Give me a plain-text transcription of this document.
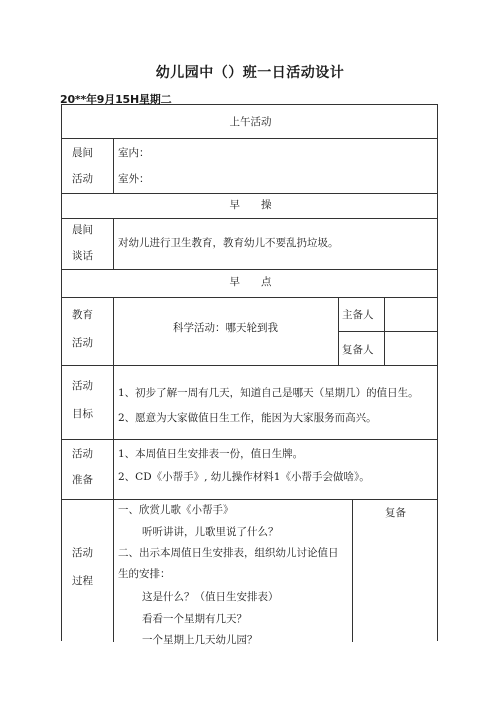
幼儿园中（）班一日活动设计
20**年9月15H星期二
上午活动
晨间
活动
室内：
室外：
早　　操
晨间
谈话
对幼儿进行卫生教育，教育幼儿不要乱扔垃圾。
早　　点
教育
活动
科学活动：哪天轮到我
主备人
复备人
活动
目标
1、初步了解一周有几天，知道自己是哪天（星期几）的值日生。
2、愿意为大家做值日生工作，能因为大家服务而高兴。
活动
准备
1、本周值日生安排表一份，值日生牌。
2、CD《小帮手》, 幼儿操作材料1《小帮手会做啥》。
活动
过程
复备
一、欣赏儿歌《小帮手》
听听讲讲，儿歌里说了什么？
二、出示本周值日生安排表，组织幼儿讨论值日
生的安排：
这是什么？（值日生安排表）
看看一个星期有几天？
一个星期上几天幼儿园？
